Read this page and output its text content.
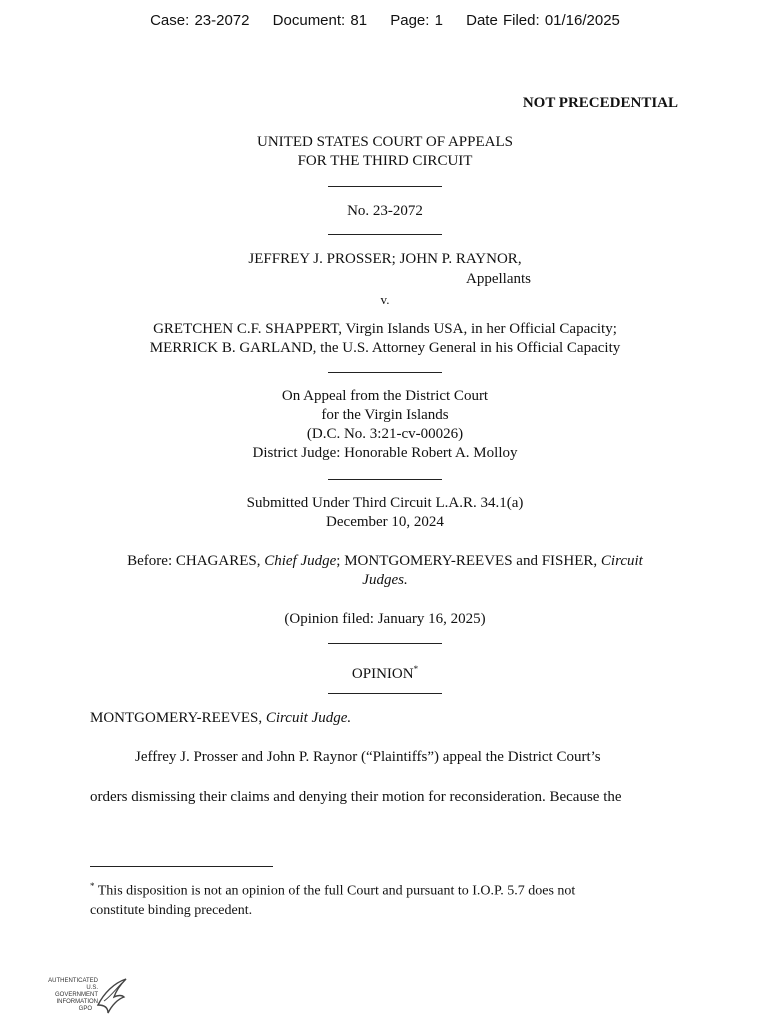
Case: 23-2072 Document: 81 Page: 1 Date Filed: 01/16/2025
NOT PRECEDENTIAL
UNITED STATES COURT OF APPEALS
FOR THE THIRD CIRCUIT
No. 23-2072
JEFFREY J. PROSSER; JOHN P. RAYNOR,
Appellants
v.
GRETCHEN C.F. SHAPPERT, Virgin Islands USA, in her Official Capacity;
MERRICK B. GARLAND, the U.S. Attorney General in his Official Capacity
On Appeal from the District Court
for the Virgin Islands
(D.C. No. 3:21-cv-00026)
District Judge: Honorable Robert A. Molloy
Submitted Under Third Circuit L.A.R. 34.1(a)
December 10, 2024
Before: CHAGARES, Chief Judge; MONTGOMERY-REEVES and FISHER, Circuit
Judges.
(Opinion filed: January 16, 2025)
OPINION*
MONTGOMERY-REEVES, Circuit Judge.
Jeffrey J. Prosser and John P. Raynor (“Plaintiffs”) appeal the District Court’s
orders dismissing their claims and denying their motion for reconsideration. Because the
* This disposition is not an opinion of the full Court and pursuant to I.O.P. 5.7 does not
constitute binding precedent.
AUTHENTICATED
U.S. GOVERNMENT
INFORMATION
GPO
